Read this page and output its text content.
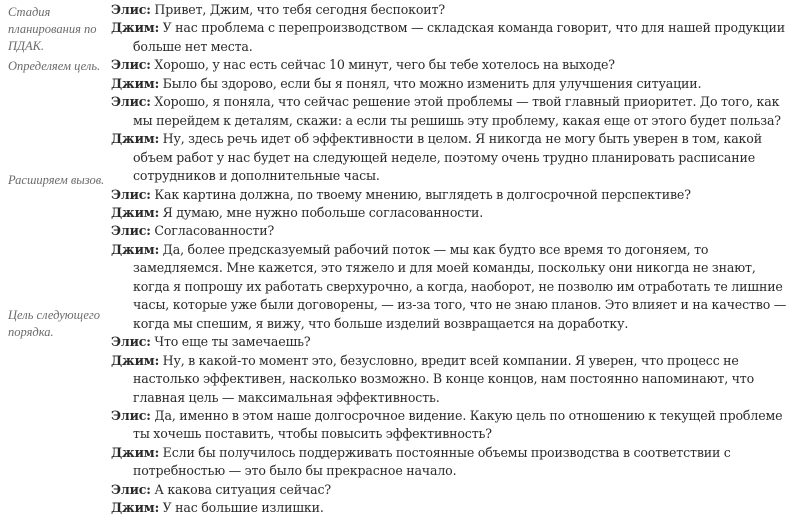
Стадия планирования по ПДАК.
Определяем цель.
Расширяем вызов.
Цель следующего порядка.
Элис: Привет, Джим, что тебя сегодня беспокоит?
Джим: У нас проблема с перепроизводством — складская команда говорит, что для нашей продукции больше нет места.
Элис: Хорошо, у нас есть сейчас 10 минут, чего бы тебе хотелось на выходе?
Джим: Было бы здорово, если бы я понял, что можно изменить для улучшения ситуации.
Элис: Хорошо, я поняла, что сейчас решение этой проблемы — твой главный приоритет. До того, как мы перейдем к деталям, скажи: а если ты решишь эту проблему, какая еще от этого будет польза?
Джим: Ну, здесь речь идет об эффективности в целом. Я никогда не могу быть уверен в том, какой объем работ у нас будет на следующей неделе, поэтому очень трудно планировать расписание сотрудников и дополнительные часы.
Элис: Как картина должна, по твоему мнению, выглядеть в долгосрочной перспективе?
Джим: Я думаю, мне нужно побольше согласованности.
Элис: Согласованности?
Джим: Да, более предсказуемый рабочий поток — мы как будто все время то догоняем, то замедляемся. Мне кажется, это тяжело и для моей команды, поскольку они никогда не знают, когда я попрошу их работать сверхурочно, а когда, наоборот, не позволю им отработать те лишние часы, которые уже были договорены, — из-за того, что не знаю планов. Это влияет и на качество — когда мы спешим, я вижу, что больше изделий возвращается на доработку.
Элис: Что еще ты замечаешь?
Джим: Ну, в какой-то момент это, безусловно, вредит всей компании. Я уверен, что процесс не настолько эффективен, насколько возможно. В конце концов, нам постоянно напоминают, что главная цель — максимальная эффективность.
Элис: Да, именно в этом наше долгосрочное видение. Какую цель по отношению к текущей проблеме ты хочешь поставить, чтобы повысить эффективность?
Джим: Если бы получилось поддерживать постоянные объемы производства в соответствии с потребностью — это было бы прекрасное начало.
Элис: А какова ситуация сейчас?
Джим: У нас большие излишки.
